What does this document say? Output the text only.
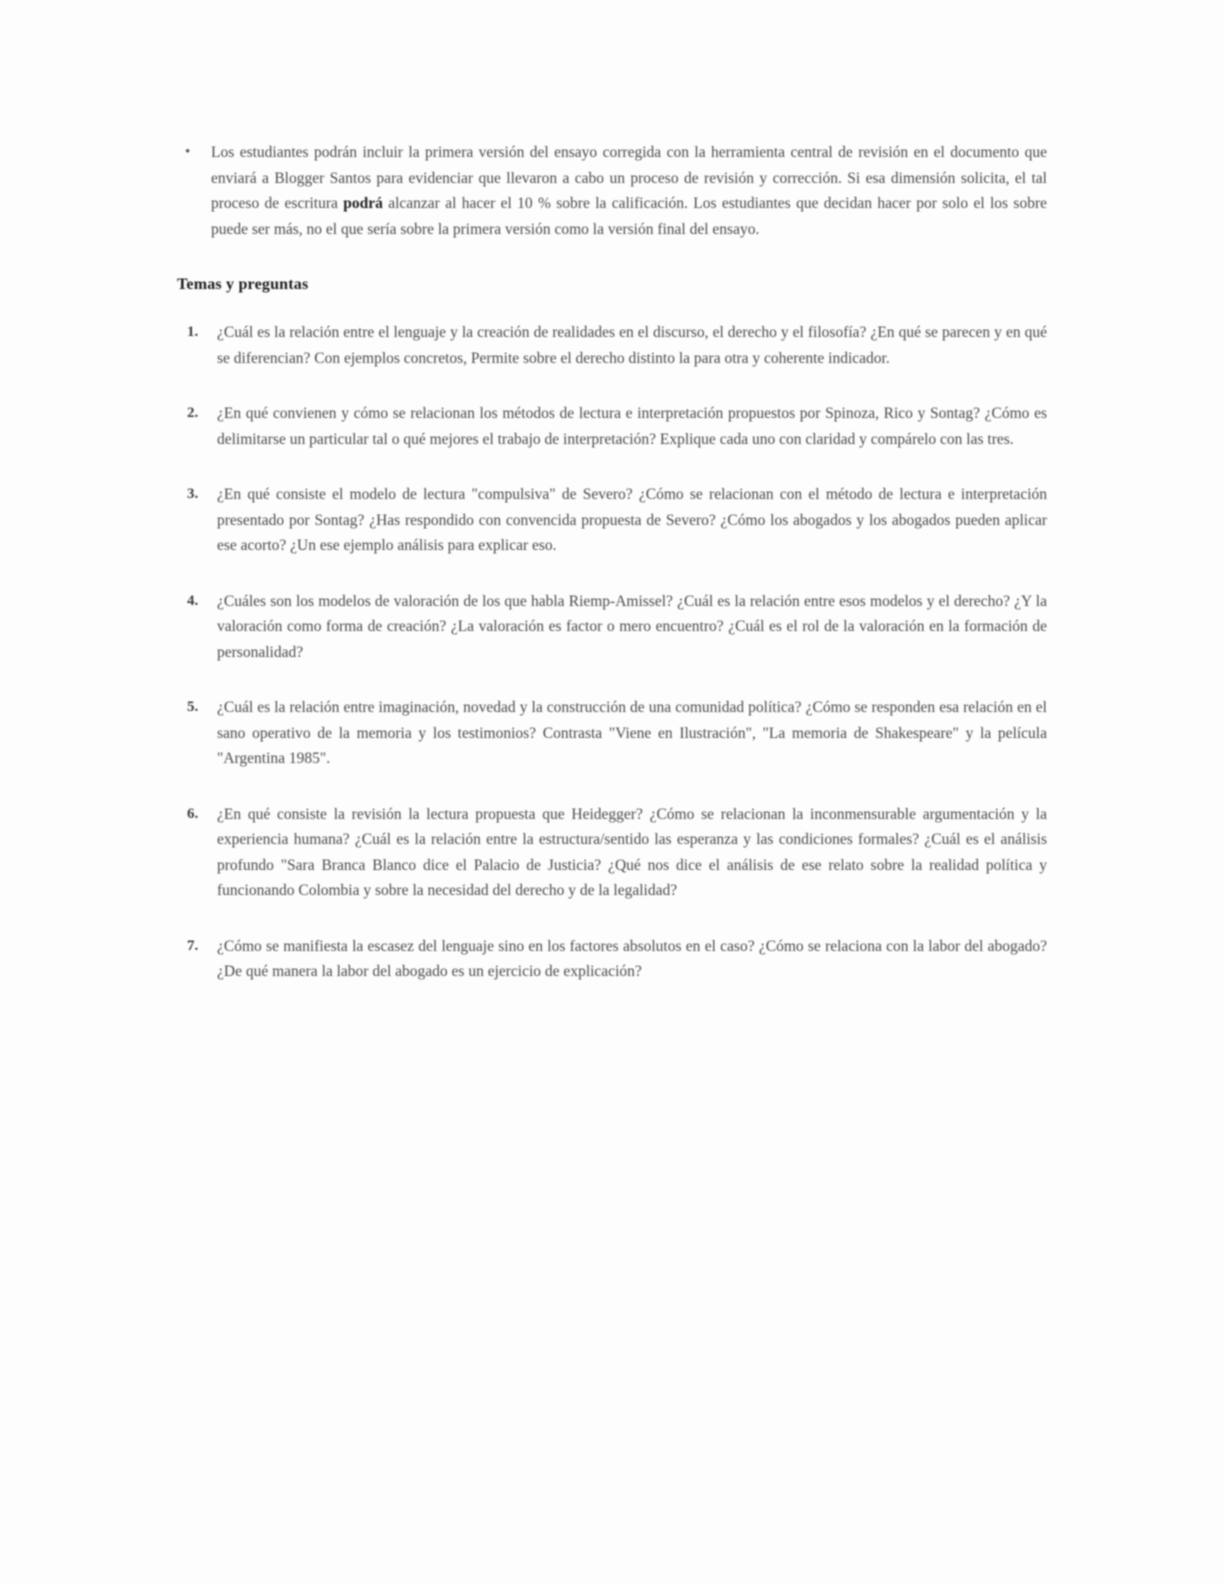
•	Los estudiantes podrán incluir la primera versión del ensayo corregida con la herramienta central de revisión en el documento que enviará a Blogger Santos para evidenciar que llevaron a cabo un proceso de revisión y corrección. Si esa dimensión solicita, el tal proceso de escritura podrá alcanzar al hacer el 10 % sobre la calificación. Los estudiantes que decidan hacer por solo el los sobre puede ser más, no el que sería sobre la primera versión como la versión final del ensayo.
Temas y preguntas
1.	¿Cuál es la relación entre el lenguaje y la creación de realidades en el discurso, el derecho y el filosofía? ¿En qué se parecen y en qué se diferencian? Con ejemplos concretos, Permite sobre el derecho distinto la para otra y coherente indicador.
2.	¿En qué convienen y cómo se relacionan los métodos de lectura e interpretación propuestos por Spinoza, Rico y Sontag? ¿Cómo es delimitarse un particular tal o qué mejores el trabajo de interpretación? Explique cada uno con claridad y compárelo con las tres.
3.	¿En qué consiste el modelo de lectura "compulsiva" de Severo? ¿Cómo se relacionan con el método de lectura e interpretación presentado por Sontag? ¿Has respondido con convencida propuesta de Severo? ¿Cómo los abogados y los abogados pueden aplicar ese acorto? ¿Un ese ejemplo análisis para explicar eso.
4.	¿Cuáles son los modelos de valoración de los que habla Riemp-Amissel? ¿Cuál es la relación entre esos modelos y el derecho? ¿Y la valoración como forma de creación? ¿La valoración es factor o mero encuentro? ¿Cuál es el rol de la valoración en la formación de personalidad?
5.	¿Cuál es la relación entre imaginación, novedad y la construcción de una comunidad política? ¿Cómo se responden esa relación en el sano operativo de la memoria y los testimonios? Contrasta "Viene en Ilustración", "La memoria de Shakespeare" y la película "Argentina 1985".
6.	¿En qué consiste la revisión la lectura propuesta que Heidegger? ¿Cómo se relacionan la inconmensurable argumentación y la experiencia humana? ¿Cuál es la relación entre la estructura/sentido las esperanza y las condiciones formales? ¿Cuál es el análisis profundo "Sara Branca Blanco dice el Palacio de Justicia? ¿Qué nos dice el análisis de ese relato sobre la realidad política y funcionando Colombia y sobre la necesidad del derecho y de la legalidad?
7.	¿Cómo se manifiesta la escasez del lenguaje sino en los factores absolutos en el caso? ¿Cómo se relaciona con la labor del abogado? ¿De qué manera la labor del abogado es un ejercicio de explicación?
